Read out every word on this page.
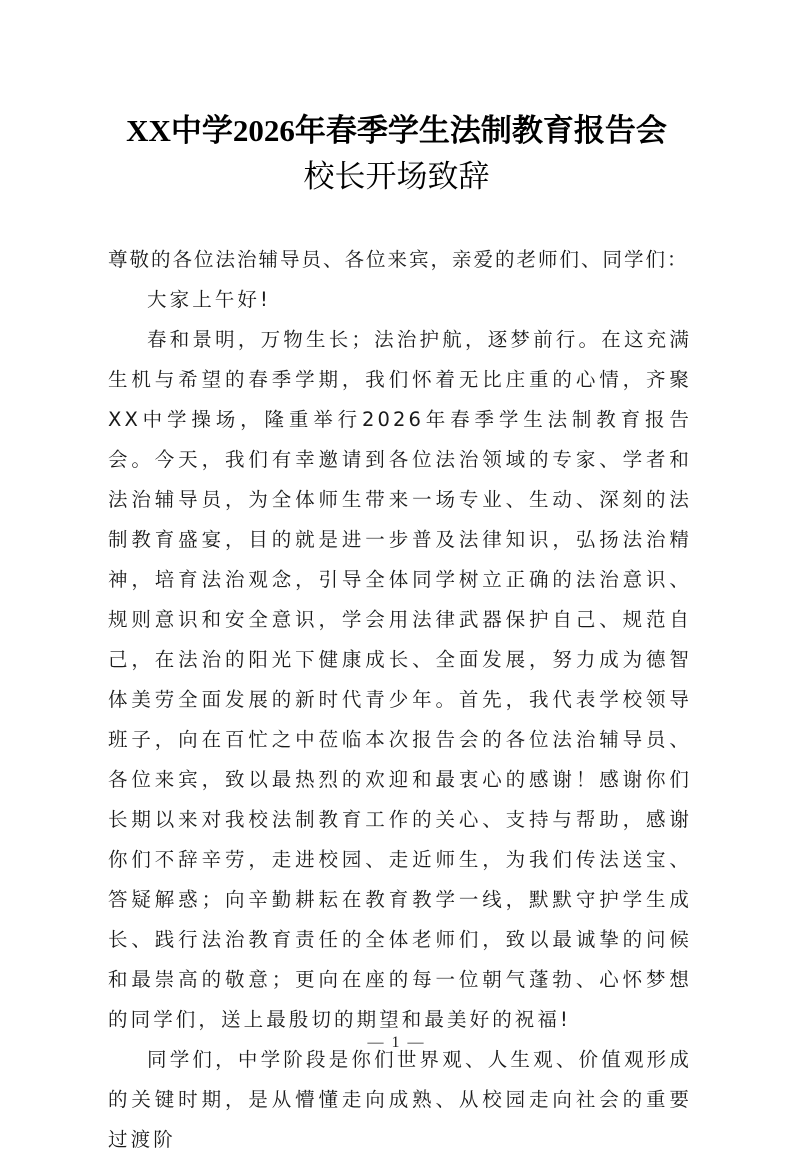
XX中学2026年春季学生法制教育报告会
校长开场致辞

尊敬的各位法治辅导员、各位来宾，亲爱的老师们、同学们：

大家上午好!

春和景明，万物生长；法治护航，逐梦前行。在这充满生机与希望的春季学期，我们怀着无比庄重的心情，齐聚XX中学操场，隆重举行2026年春季学生法制教育报告会。今天，我们有幸邀请到各位法治领域的专家、学者和法治辅导员，为全体师生带来一场专业、生动、深刻的法制教育盛宴，目的就是进一步普及法律知识，弘扬法治精神，培育法治观念，引导全体同学树立正确的法治意识、规则意识和安全意识，学会用法律武器保护自己、规范自己，在法治的阳光下健康成长、全面发展，努力成为德智体美劳全面发展的新时代青少年。首先，我代表学校领导班子，向在百忙之中莅临本次报告会的各位法治辅导员、各位来宾，致以最热烈的欢迎和最衷心的感谢！感谢你们长期以来对我校法制教育工作的关心、支持与帮助，感谢你们不辞辛劳，走进校园、走近师生，为我们传法送宝、答疑解惑；向辛勤耕耘在教育教学一线，默默守护学生成长、践行法治教育责任的全体老师们，致以最诚挚的问候和最崇高的敬意；更向在座的每一位朝气蓬勃、心怀梦想的同学们，送上最殷切的期望和最美好的祝福!

同学们，中学阶段是你们世界观、人生观、价值观形成的关键时期，是从懵懂走向成熟、从校园走向社会的重要过渡阶

— 1 —
